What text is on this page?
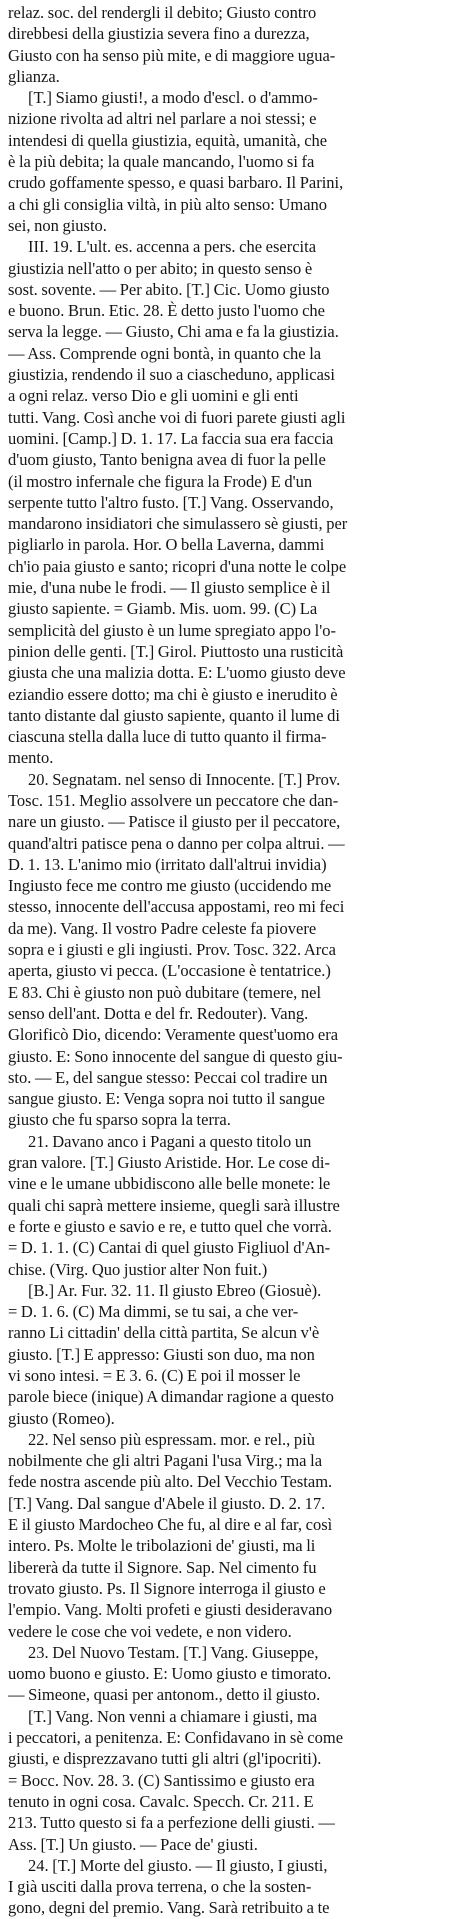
relaz. soc. del rendergli il debito; Giusto contro
direbbesi della giustizia severa fino a durezza,
Giusto con ha senso più mite, e di maggiore ugua-
glianza.
[T.] Siamo giusti!, a modo d'escl. o d'ammo-
nizione rivolta ad altri nel parlare a noi stessi; e
intendesi di quella giustizia, equità, umanità, che
è la più debita; la quale mancando, l'uomo si fa
crudo goffamente spesso, e quasi barbaro. Il Parini,
a chi gli consiglia viltà, in più alto senso: Umano
sei, non giusto.
III. 19. L'ult. es. accenna a pers. che esercita
giustizia nell'atto o per abito; in questo senso è
sost. sovente. — Per abito. [T.] Cic. Uomo giusto
e buono. Brun. Etic. 28. È detto justo l'uomo che
serva la legge. — Giusto, Chi ama e fa la giustizia.
— Ass. Comprende ogni bontà, in quanto che la
giustizia, rendendo il suo a ciascheduno, applicasi
a ogni relaz. verso Dio e gli uomini e gli enti
tutti. Vang. Così anche voi di fuori parete giusti agli
uomini. [Camp.] D. 1. 17. La faccia sua era faccia
d'uom giusto, Tanto benigna avea di fuor la pelle
(il mostro infernale che figura la Frode) E d'un
serpente tutto l'altro fusto. [T.] Vang. Osservando,
mandarono insidiatori che simulassero sè giusti, per
pigliarlo in parola. Hor. O bella Laverna, dammi
ch'io paia giusto e santo; ricopri d'una notte le colpe
mie, d'una nube le frodi. — Il giusto semplice è il
giusto sapiente. = Giamb. Mis. uom. 99. (C) La
semplicità del giusto è un lume spregiato appo l'o-
pinion delle genti. [T.] Girol. Piuttosto una rusticità
giusta che una malizia dotta. E: L'uomo giusto deve
eziandio essere dotto; ma chi è giusto e inerudito è
tanto distante dal giusto sapiente, quanto il lume di
ciascuna stella dalla luce di tutto quanto il firma-
mento.
20. Segnatam. nel senso di Innocente. [T.] Prov.
Tosc. 151. Meglio assolvere un peccatore che dan-
nare un giusto. — Patisce il giusto per il peccatore,
quand'altri patisce pena o danno per colpa altrui. —
D. 1. 13. L'animo mio (irritato dall'altrui invidia)
Ingiusto fece me contro me giusto (uccidendo me
stesso, innocente dell'accusa appostami, reo mi feci
da me). Vang. Il vostro Padre celeste fa piovere
sopra e i giusti e gli ingiusti. Prov. Tosc. 322. Arca
aperta, giusto vi pecca. (L'occasione è tentatrice.)
E 83. Chi è giusto non può dubitare (temere, nel
senso dell'ant. Dotta e del fr. Redouter). Vang.
Glorificò Dio, dicendo: Veramente quest'uomo era
giusto. E: Sono innocente del sangue di questo giu-
sto. — E, del sangue stesso: Peccai col tradire un
sangue giusto. E: Venga sopra noi tutto il sangue
giusto che fu sparso sopra la terra.
21. Davano anco i Pagani a questo titolo un
gran valore. [T.] Giusto Aristide. Hor. Le cose di-
vine e le umane ubbidiscono alle belle monete: le
quali chi saprà mettere insieme, quegli sarà illustre
e forte e giusto e savio e re, e tutto quel che vorrà.
= D. 1. 1. (C) Cantai di quel giusto Figliuol d'An-
chise. (Virg. Quo justior alter Non fuit.)
[B.] Ar. Fur. 32. 11. Il giusto Ebreo (Giosuè).
= D. 1. 6. (C) Ma dimmi, se tu sai, a che ver-
ranno Li cittadin' della città partita, Se alcun v'è
giusto. [T.] E appresso: Giusti son duo, ma non
vi sono intesi. = E 3. 6. (C) E poi il mosser le
parole biece (inique) A dimandar ragione a questo
giusto (Romeo).
22. Nel senso più espressam. mor. e rel., più
nobilmente che gli altri Pagani l'usa Virg.; ma la
fede nostra ascende più alto. Del Vecchio Testam.
[T.] Vang. Dal sangue d'Abele il giusto. D. 2. 17.
E il giusto Mardocheo Che fu, al dire e al far, così
intero. Ps. Molte le tribolazioni de' giusti, ma li
libererà da tutte il Signore. Sap. Nel cimento fu
trovato giusto. Ps. Il Signore interroga il giusto e
l'empio. Vang. Molti profeti e giusti desideravano
vedere le cose che voi vedete, e non videro.
23. Del Nuovo Testam. [T.] Vang. Giuseppe,
uomo buono e giusto. E: Uomo giusto e timorato.
— Simeone, quasi per antonom., detto il giusto.
[T.] Vang. Non venni a chiamare i giusti, ma
i peccatori, a penitenza. E: Confidavano in sè come
giusti, e disprezzavano tutti gli altri (gl'ipocriti).
= Bocc. Nov. 28. 3. (C) Santissimo e giusto era
tenuto in ogni cosa. Cavalc. Specch. Cr. 211. E
213. Tutto questo si fa a perfezione delli giusti. —
Ass. [T.] Un giusto. — Pace de' giusti.
24. [T.] Morte del giusto. — Il giusto, I giusti,
I già usciti dalla prova terrena, o che la sosten-
gono, degni del premio. Vang. Sarà retribuito a te
